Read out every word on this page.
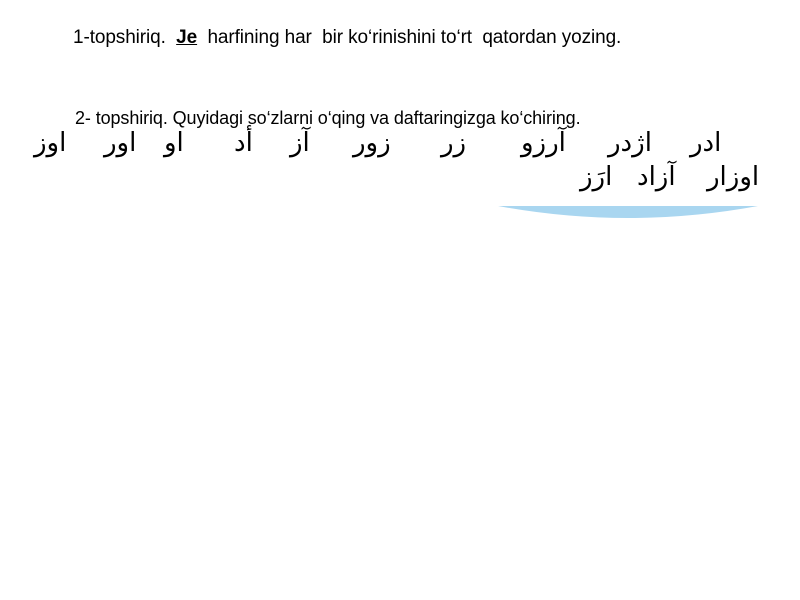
1-topshiriq.  Je  harfining har  bir ko‘rinishini to‘rt  qatordan yozing.
2- topshiriq. Quyidagi so‘zlarni o‘qing va daftaringizga ko‘chiring.
ادر
اژدر
آرزو
زر
زور
آز
أد
او
اور
اوز
اوزار
آزاد
ارَز
